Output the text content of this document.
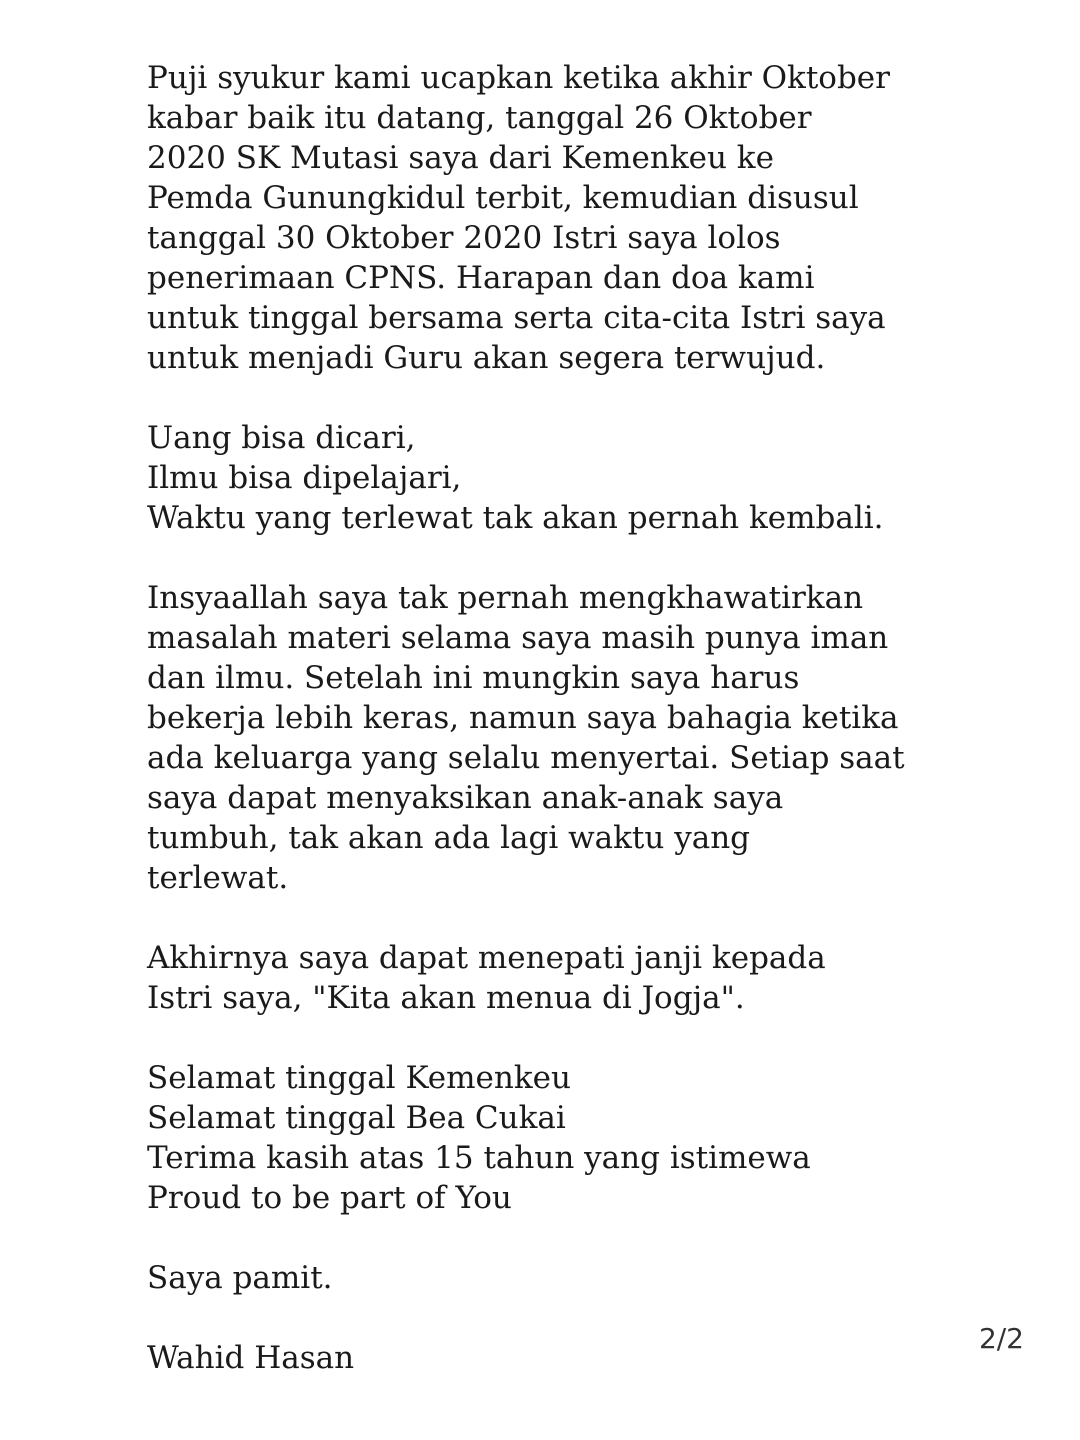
Puji syukur kami ucapkan ketika akhir Oktober
kabar baik itu datang, tanggal 26 Oktober
2020 SK Mutasi saya dari Kemenkeu ke
Pemda Gunungkidul terbit, kemudian disusul
tanggal 30 Oktober 2020 Istri saya lolos
penerimaan CPNS. Harapan dan doa kami
untuk tinggal bersama serta cita-cita Istri saya
untuk menjadi Guru akan segera terwujud.
Uang bisa dicari,
Ilmu bisa dipelajari,
Waktu yang terlewat tak akan pernah kembali.
Insyaallah saya tak pernah mengkhawatirkan
masalah materi selama saya masih punya iman
dan ilmu. Setelah ini mungkin saya harus
bekerja lebih keras, namun saya bahagia ketika
ada keluarga yang selalu menyertai. Setiap saat
saya dapat menyaksikan anak-anak saya
tumbuh, tak akan ada lagi waktu yang
terlewat.
Akhirnya saya dapat menepati janji kepada
Istri saya, "Kita akan menua di Jogja".
Selamat tinggal Kemenkeu
Selamat tinggal Bea Cukai
Terima kasih atas 15 tahun yang istimewa
Proud to be part of You
Saya pamit.
Wahid Hasan
2/2
